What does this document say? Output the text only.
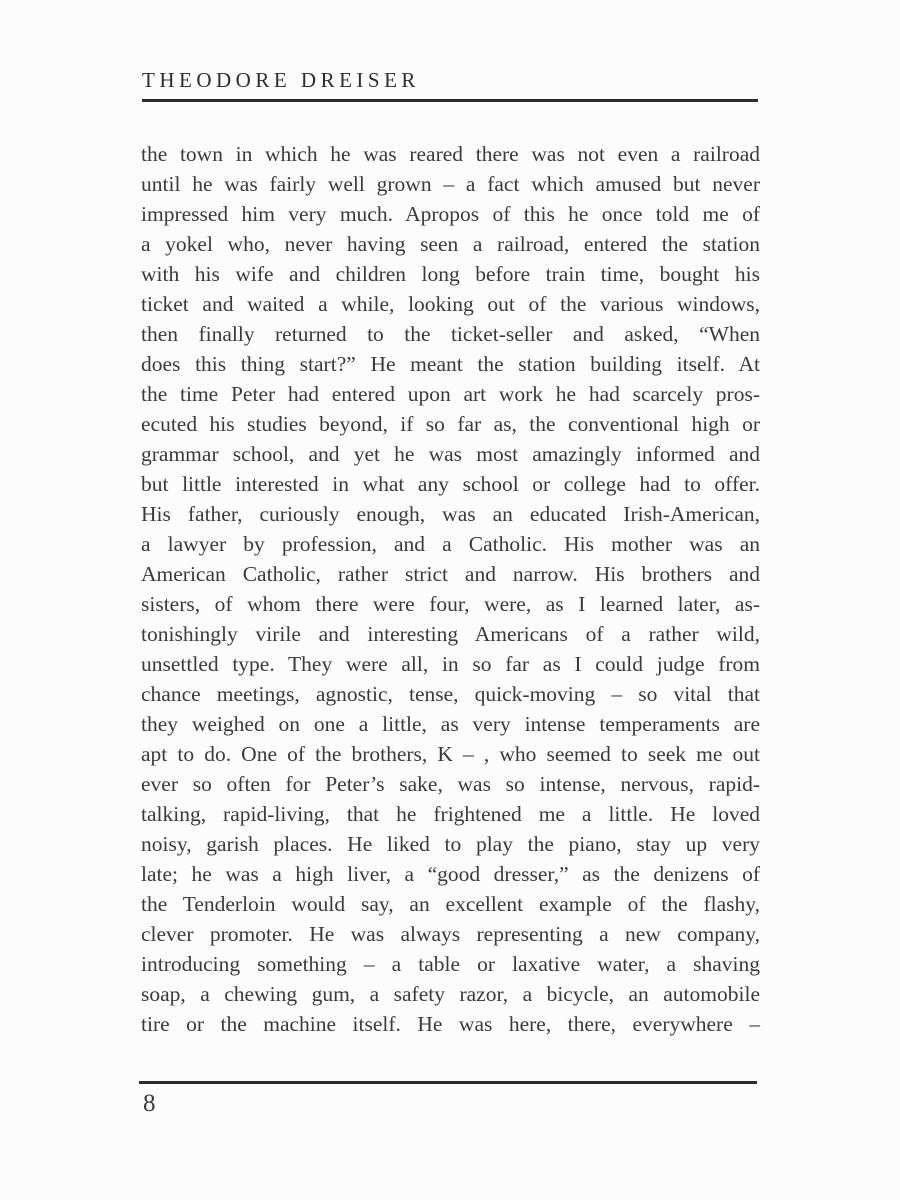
THEODORE DREISER
the town in which he was reared there was not even a railroad
until he was fairly well grown – a fact which amused but never
impressed him very much. Apropos of this he once told me of
a yokel who, never having seen a railroad, entered the station
with his wife and children long before train time, bought his
ticket and waited a while, looking out of the various windows,
then finally returned to the ticket-seller and asked, “When
does this thing start?” He meant the station building itself. At
the time Peter had entered upon art work he had scarcely pros-
ecuted his studies beyond, if so far as, the conventional high or
grammar school, and yet he was most amazingly informed and
but little interested in what any school or college had to offer.
His father, curiously enough, was an educated Irish-American,
a lawyer by profession, and a Catholic. His mother was an
American Catholic, rather strict and narrow. His brothers and
sisters, of whom there were four, were, as I learned later, as-
tonishingly virile and interesting Americans of a rather wild,
unsettled type. They were all, in so far as I could judge from
chance meetings, agnostic, tense, quick-moving – so vital that
they weighed on one a little, as very intense temperaments are
apt to do. One of the brothers, K – , who seemed to seek me out
ever so often for Peter’s sake, was so intense, nervous, rapid-
talking, rapid-living, that he frightened me a little. He loved
noisy, garish places. He liked to play the piano, stay up very
late; he was a high liver, a “good dresser,” as the denizens of
the Tenderloin would say, an excellent example of the flashy,
clever promoter. He was always representing a new company,
introducing something – a table or laxative water, a shaving
soap, a chewing gum, a safety razor, a bicycle, an automobile
tire or the machine itself. He was here, there, everywhere –
8
